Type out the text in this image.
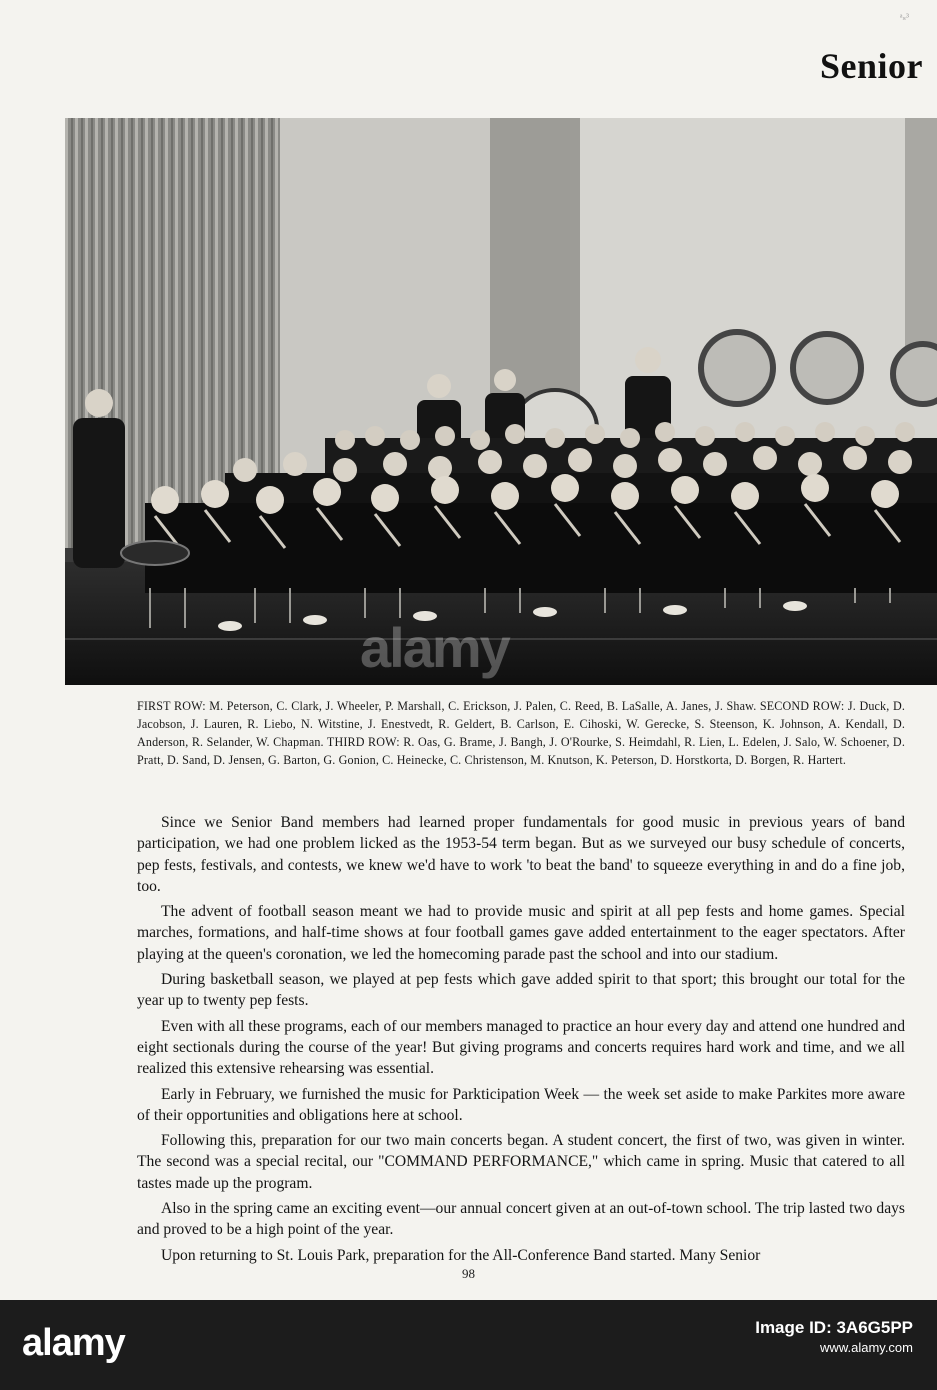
ᵃₛ³
Senior
FIRST ROW: M. Peterson, C. Clark, J. Wheeler, P. Marshall, C. Erickson, J. Palen, C. Reed, B. LaSalle, A. Janes, J. Shaw. SECOND ROW: J. Duck, D. Jacobson, J. Lauren, R. Liebo, N. Witstine, J. Enestvedt, R. Geldert, B. Carlson, E. Cihoski, W. Gerecke, S. Steenson, K. Johnson, A. Kendall, D. Anderson, R. Selander, W. Chapman. THIRD ROW: R. Oas, G. Brame, J. Bangh, J. O'Rourke, S. Heimdahl, R. Lien, L. Edelen, J. Salo, W. Schoener, D. Pratt, D. Sand, D. Jensen, G. Barton, G. Gonion, C. Heinecke, C. Christenson, M. Knutson, K. Peterson, D. Horstkorta, D. Borgen, R. Hartert.

Since we Senior Band members had learned proper fundamentals for good music in previous years of band participation, we had one problem licked as the 1953-54 term began. But as we surveyed our busy schedule of concerts, pep fests, festivals, and contests, we knew we'd have to work 'to beat the band' to squeeze everything in and do a fine job, too.

The advent of football season meant we had to provide music and spirit at all pep fests and home games. Special marches, formations, and half-time shows at four football games gave added entertainment to the eager spectators. After playing at the queen's coronation, we led the homecoming parade past the school and into our stadium.

During basketball season, we played at pep fests which gave added spirit to that sport; this brought our total for the year up to twenty pep fests.

Even with all these programs, each of our members managed to practice an hour every day and attend one hundred and eight sectionals during the course of the year! But giving programs and concerts requires hard work and time, and we all realized this extensive rehearsing was essential.

Early in February, we furnished the music for Parkticipation Week — the week set aside to make Parkites more aware of their opportunities and obligations here at school.

Following this, preparation for our two main concerts began. A student concert, the first of two, was given in winter. The second was a special recital, our "COMMAND PERFORMANCE," which came in spring. Music that catered to all tastes made up the program.

Also in the spring came an exciting event—our annual concert given at an out-of-town school. The trip lasted two days and proved to be a high point of the year.

Upon returning to St. Louis Park, preparation for the All-Conference Band started. Many Senior

98
alamy
alamy	Image ID: 3A6G5PP
www.alamy.com
